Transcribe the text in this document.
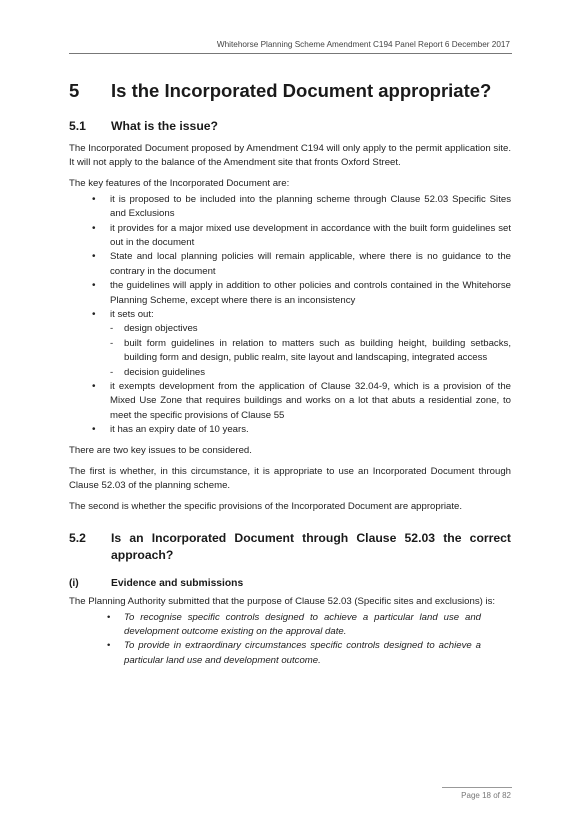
Whitehorse Planning Scheme Amendment C194 Panel Report 6 December 2017
5	Is the Incorporated Document appropriate?
5.1	What is the issue?

The Incorporated Document proposed by Amendment C194 will only apply to the permit application site. It will not apply to the balance of the Amendment site that fronts Oxford Street.

The key features of the Incorporated Document are:

• it is proposed to be included into the planning scheme through Clause 52.03 Specific Sites and Exclusions
• it provides for a major mixed use development in accordance with the built form guidelines set out in the document
• State and local planning policies will remain applicable, where there is no guidance to the contrary in the document
• the guidelines will apply in addition to other policies and controls contained in the Whitehorse Planning Scheme, except where there is an inconsistency
• it sets out:
- design objectives
- built form guidelines in relation to matters such as building height, building setbacks, building form and design, public realm, site layout and landscaping, integrated access
- decision guidelines
• it exempts development from the application of Clause 32.04-9, which is a provision of the Mixed Use Zone that requires buildings and works on a lot that abuts a residential zone, to meet the specific provisions of Clause 55
• it has an expiry date of 10 years.

There are two key issues to be considered.

The first is whether, in this circumstance, it is appropriate to use an Incorporated Document through Clause 52.03 of the planning scheme.

The second is whether the specific provisions of the Incorporated Document are appropriate.

5.2	Is an Incorporated Document through Clause 52.03 the correct approach?
(i)	Evidence and submissions

The Planning Authority submitted that the purpose of Clause 52.03 (Specific sites and exclusions) is:

• To recognise specific controls designed to achieve a particular land use and development outcome existing on the approval date.
• To provide in extraordinary circumstances specific controls designed to achieve a particular land use and development outcome.
Page 18 of 82
